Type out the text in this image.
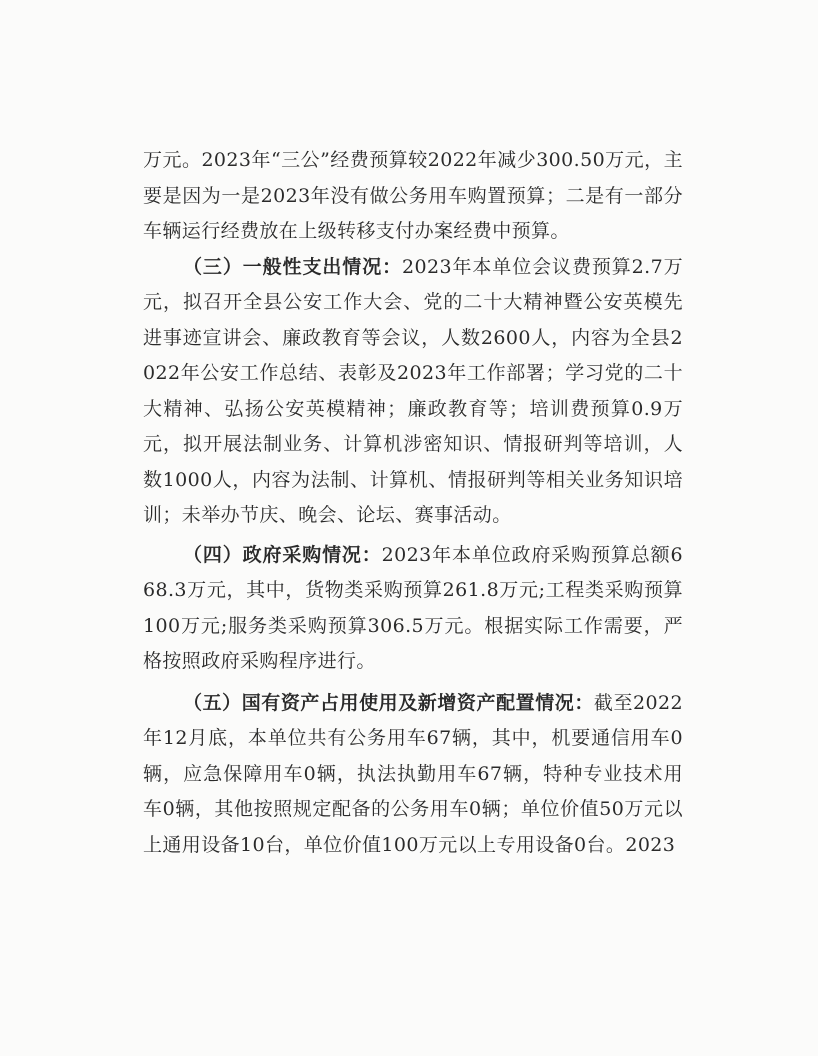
万元。2023年“三公”经费预算较2022年减少300.50万元，主要是因为一是2023年没有做公务用车购置预算；二是有一部分车辆运行经费放在上级转移支付办案经费中预算。

（三）一般性支出情况：2023年本单位会议费预算2.7万元，拟召开全县公安工作大会、党的二十大精神暨公安英模先进事迹宣讲会、廉政教育等会议，人数2600人，内容为全县2022年公安工作总结、表彰及2023年工作部署；学习党的二十大精神、弘扬公安英模精神；廉政教育等；培训费预算0.9万元，拟开展法制业务、计算机涉密知识、情报研判等培训，人数1000人，内容为法制、计算机、情报研判等相关业务知识培训；未举办节庆、晚会、论坛、赛事活动。

（四）政府采购情况：2023年本单位政府采购预算总额668.3万元，其中，货物类采购预算261.8万元;工程类采购预算100万元;服务类采购预算306.5万元。根据实际工作需要，严格按照政府采购程序进行。

（五）国有资产占用使用及新增资产配置情况：截至2022年12月底，本单位共有公务用车67辆，其中，机要通信用车0辆，应急保障用车0辆，执法执勤用车67辆，特种专业技术用车0辆，其他按照规定配备的公务用车0辆；单位价值50万元以上通用设备10台，单位价值100万元以上专用设备0台。2023
